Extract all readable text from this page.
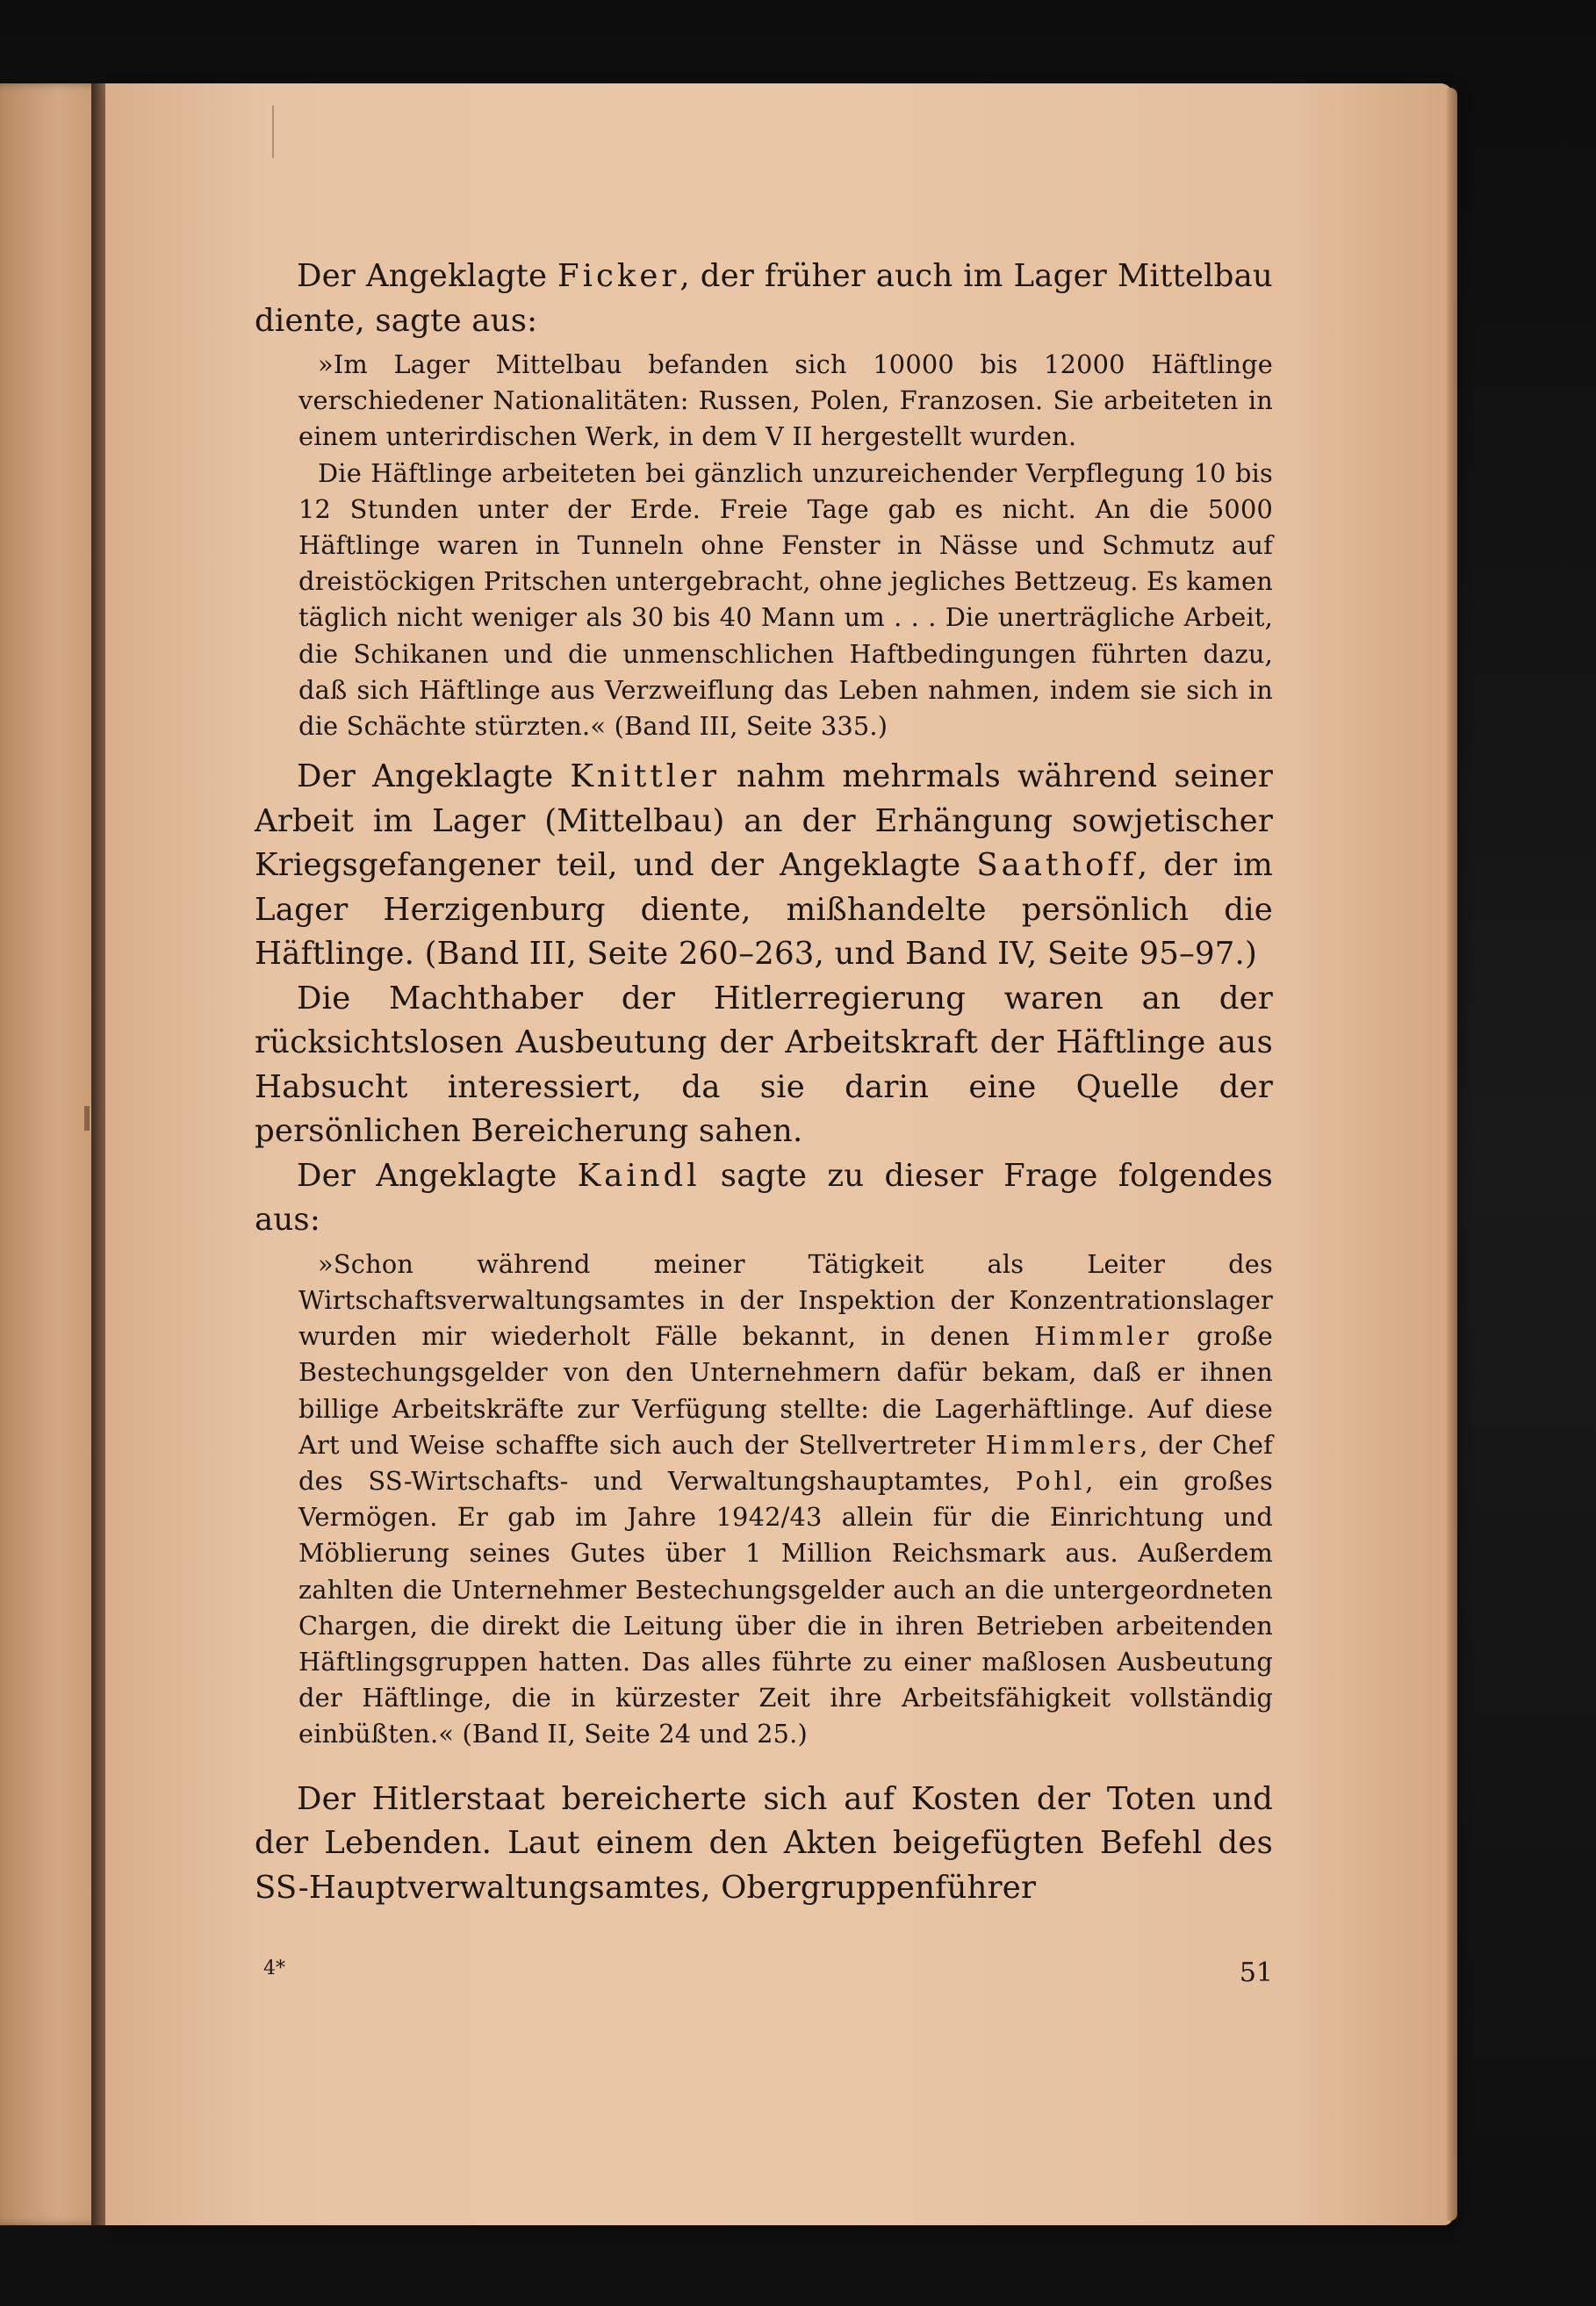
Der Angeklagte Ficker, der früher auch im Lager Mittelbau diente, sagte aus:

»Im Lager Mittelbau befanden sich 10000 bis 12000 Häftlinge verschiedener Nationalitäten: Russen, Polen, Franzosen. Sie arbeiteten in einem unterirdischen Werk, in dem V II hergestellt wurden.

Die Häftlinge arbeiteten bei gänzlich unzureichender Verpflegung 10 bis 12 Stunden unter der Erde. Freie Tage gab es nicht. An die 5000 Häftlinge waren in Tunneln ohne Fenster in Nässe und Schmutz auf dreistöckigen Pritschen untergebracht, ohne jegliches Bettzeug. Es kamen täglich nicht weniger als 30 bis 40 Mann um . . . Die unerträgliche Arbeit, die Schikanen und die unmenschlichen Haftbedingungen führten dazu, daß sich Häftlinge aus Verzweiflung das Leben nahmen, indem sie sich in die Schächte stürzten.« (Band III, Seite 335.)

Der Angeklagte Knittler nahm mehrmals während seiner Arbeit im Lager (Mittelbau) an der Erhängung sowjetischer Kriegsgefangener teil, und der Angeklagte Saathoff, der im Lager Herzigenburg diente, mißhandelte persönlich die Häftlinge. (Band III, Seite 260–263, und Band IV, Seite 95–97.)

Die Machthaber der Hitlerregierung waren an der rücksichtslosen Ausbeutung der Arbeitskraft der Häftlinge aus Habsucht interessiert, da sie darin eine Quelle der persönlichen Bereicherung sahen.

Der Angeklagte Kaindl sagte zu dieser Frage folgendes aus:

»Schon während meiner Tätigkeit als Leiter des Wirtschaftsverwaltungsamtes in der Inspektion der Konzentrationslager wurden mir wiederholt Fälle bekannt, in denen Himmler große Bestechungsgelder von den Unternehmern dafür bekam, daß er ihnen billige Arbeitskräfte zur Verfügung stellte: die Lagerhäftlinge. Auf diese Art und Weise schaffte sich auch der Stellvertreter Himmlers, der Chef des SS-Wirtschafts- und Verwaltungshauptamtes, Pohl, ein großes Vermögen. Er gab im Jahre 1942/43 allein für die Einrichtung und Möblierung seines Gutes über 1 Million Reichsmark aus. Außerdem zahlten die Unternehmer Bestechungsgelder auch an die untergeordneten Chargen, die direkt die Leitung über die in ihren Betrieben arbeitenden Häftlingsgruppen hatten. Das alles führte zu einer maßlosen Ausbeutung der Häftlinge, die in kürzester Zeit ihre Arbeitsfähigkeit vollständig einbüßten.« (Band II, Seite 24 und 25.)

Der Hitlerstaat bereicherte sich auf Kosten der Toten und der Lebenden. Laut einem den Akten beigefügten Befehl des SS-Hauptverwaltungsamtes, Obergruppenführer

4*	51
